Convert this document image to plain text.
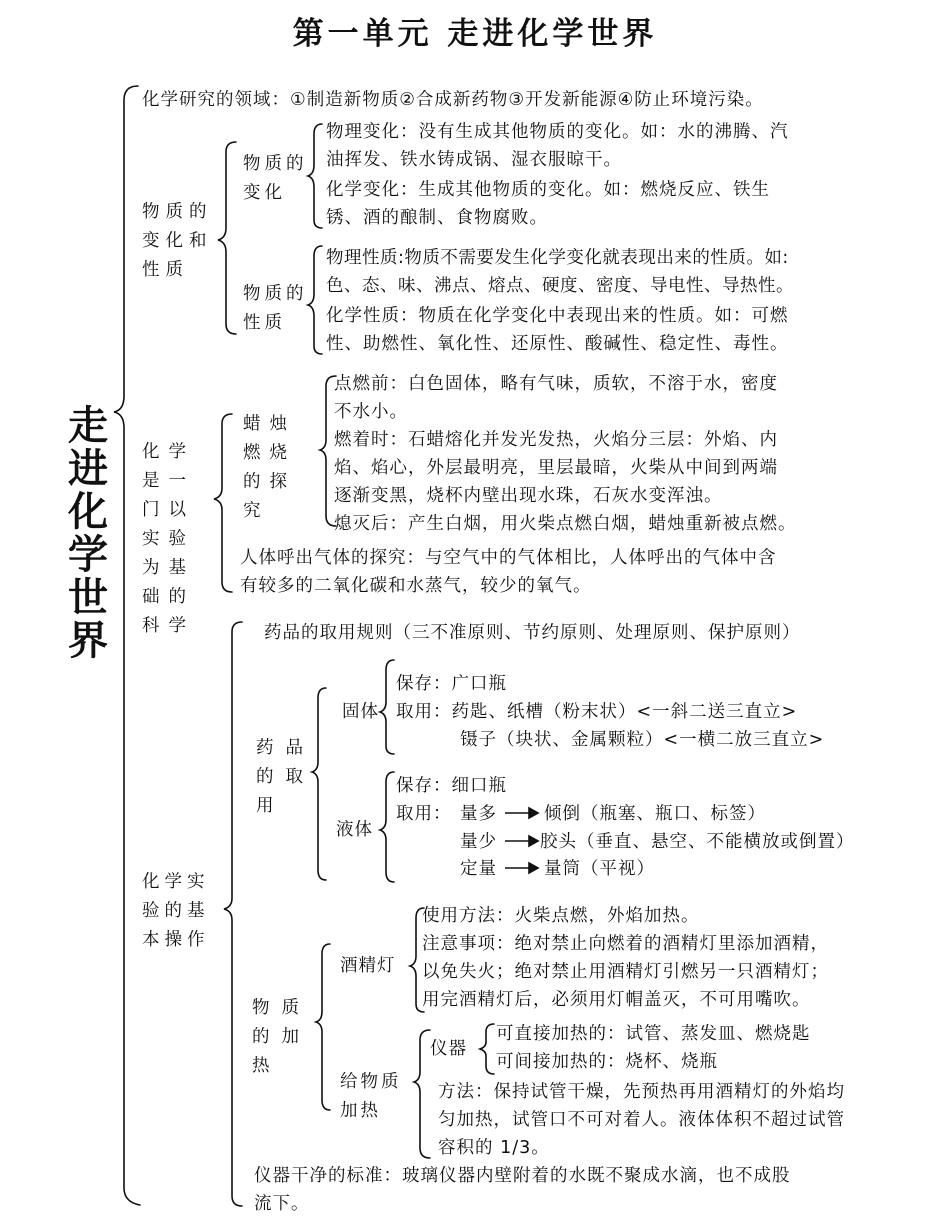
第一单元 走进化学世界
走
进
化
学
世
界
化学研究的领域：①制造新物质②合成新药物③开发新能源④防止环境污染。
物质的变化和性质
物质的变化
物质的性质
物理变化：没有生成其他物质的变化。如：水的沸腾、汽
油挥发、铁水铸成锅、湿衣服晾干。
化学变化：生成其他物质的变化。如：燃烧反应、铁生
锈、酒的酿制、食物腐败。
物理性质:物质不需要发生化学变化就表现出来的性质。如:
色、态、味、沸点、熔点、硬度、密度、导电性、导热性。
化学性质：物质在化学变化中表现出来的性质。如：可燃
性、助燃性、氧化性、还原性、酸碱性、稳定性、毒性。
化学是一门以实验为基础的科学
蜡烛燃烧的探究
点燃前：白色固体，略有气味，质软，不溶于水，密度
不水小。
燃着时：石蜡熔化并发光发热，火焰分三层：外焰、内
焰、焰心，外层最明亮，里层最暗，火柴从中间到两端
逐渐变黑，烧杯内壁出现水珠，石灰水变浑浊。
熄灭后：产生白烟，用火柴点燃白烟，蜡烛重新被点燃。
人体呼出气体的探究：与空气中的气体相比，人体呼出的气体中含
有较多的二氧化碳和水蒸气，较少的氧气。
化学实验的基本操作
药品的取用规则（三不准原则、节约原则、处理原则、保护原则）
药品的取用
固体
保存：广口瓶
取用：药匙、纸槽（粉末状）<一斜二送三直立>
镊子（块状、金属颗粒）<一横二放三直立>
液体
保存：细口瓶
取用： 量多	倾倒（瓶塞、瓶口、标签）
量少 胶头（垂直、悬空、不能横放或倒置）
定量	量筒（平视）
物质的加热
酒精灯
使用方法：火柴点燃，外焰加热。
注意事项：绝对禁止向燃着的酒精灯里添加酒精，
以免失火；绝对禁止用酒精灯引燃另一只酒精灯；
用完酒精灯后，必须用灯帽盖灭，不可用嘴吹。
给物质加热
仪器
可直接加热的：试管、蒸发皿、燃烧匙
可间接加热的：烧杯、烧瓶
方法：保持试管干燥，先预热再用酒精灯的外焰均
匀加热，试管口不可对着人。液体体积不超过试管
容积的 1/3。
仪器干净的标准：玻璃仪器内壁附着的水既不聚成水滴，也不成股
流下。
